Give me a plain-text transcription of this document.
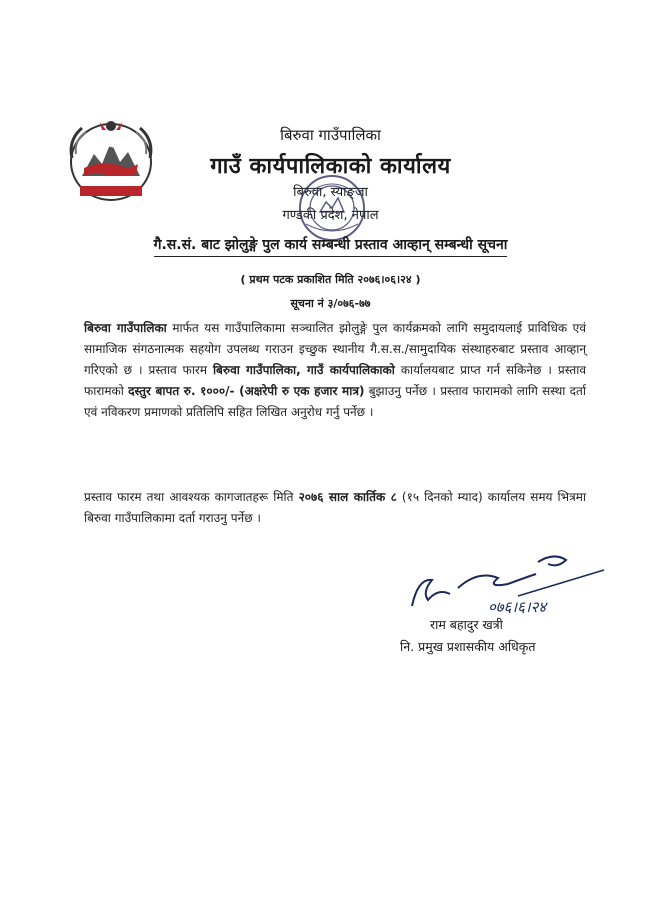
बिरुवा गाउँपालिका
गाउँ कार्यपालिकाको कार्यालय
बिरुवा, स्याङ्जा
गण्डकी प्रदेश, नेपाल
गै.स.सं. बाट झोलुङ्गे पुल कार्य सम्बन्धी प्रस्ताव आव्हान् सम्बन्धी सूचना
( प्रथम पटक प्रकाशित मिति २०७६।०६।२४ )
सूचना नं ३/०७६-७७
बिरुवा गाउँपालिका मार्फत यस गाउँपालिकामा सञ्चालित झोलुङ्गे पुल कार्यक्रमको लागि समुदायलाई प्राविधिक एवं सामाजिक संगठनात्मक सहयोग उपलब्ध गराउन इच्छुक स्थानीय गै.स.स./सामुदायिक संस्थाहरुबाट प्रस्ताव आव्हान् गरिएको छ । प्रस्ताव फारम बिरुवा गाउँपालिका, गाउँ कार्यपालिकाको कार्यालयबाट प्राप्त गर्न सकिनेछ । प्रस्ताव फारामको दस्तुर बापत रु. १०००/- (अक्षरेपी रु एक हजार मात्र) बुझाउनु पर्नेछ । प्रस्ताव फारामको लागि सस्था दर्ता एवं नविकरण प्रमाणको प्रतिलिपि सहित लिखित अनुरोध गर्नु पर्नेछ ।
प्रस्ताव फारम तथा आवश्यक कागजातहरू मिति २०७६ साल कार्तिक ८ (१५ दिनको म्याद) कार्यालय समय भित्रमा बिरुवा गाउँपालिकामा दर्ता गराउनु पर्नेछ ।
०७६।६।२४
राम बहादुर खत्री
नि. प्रमुख प्रशासकीय अधिकृत
